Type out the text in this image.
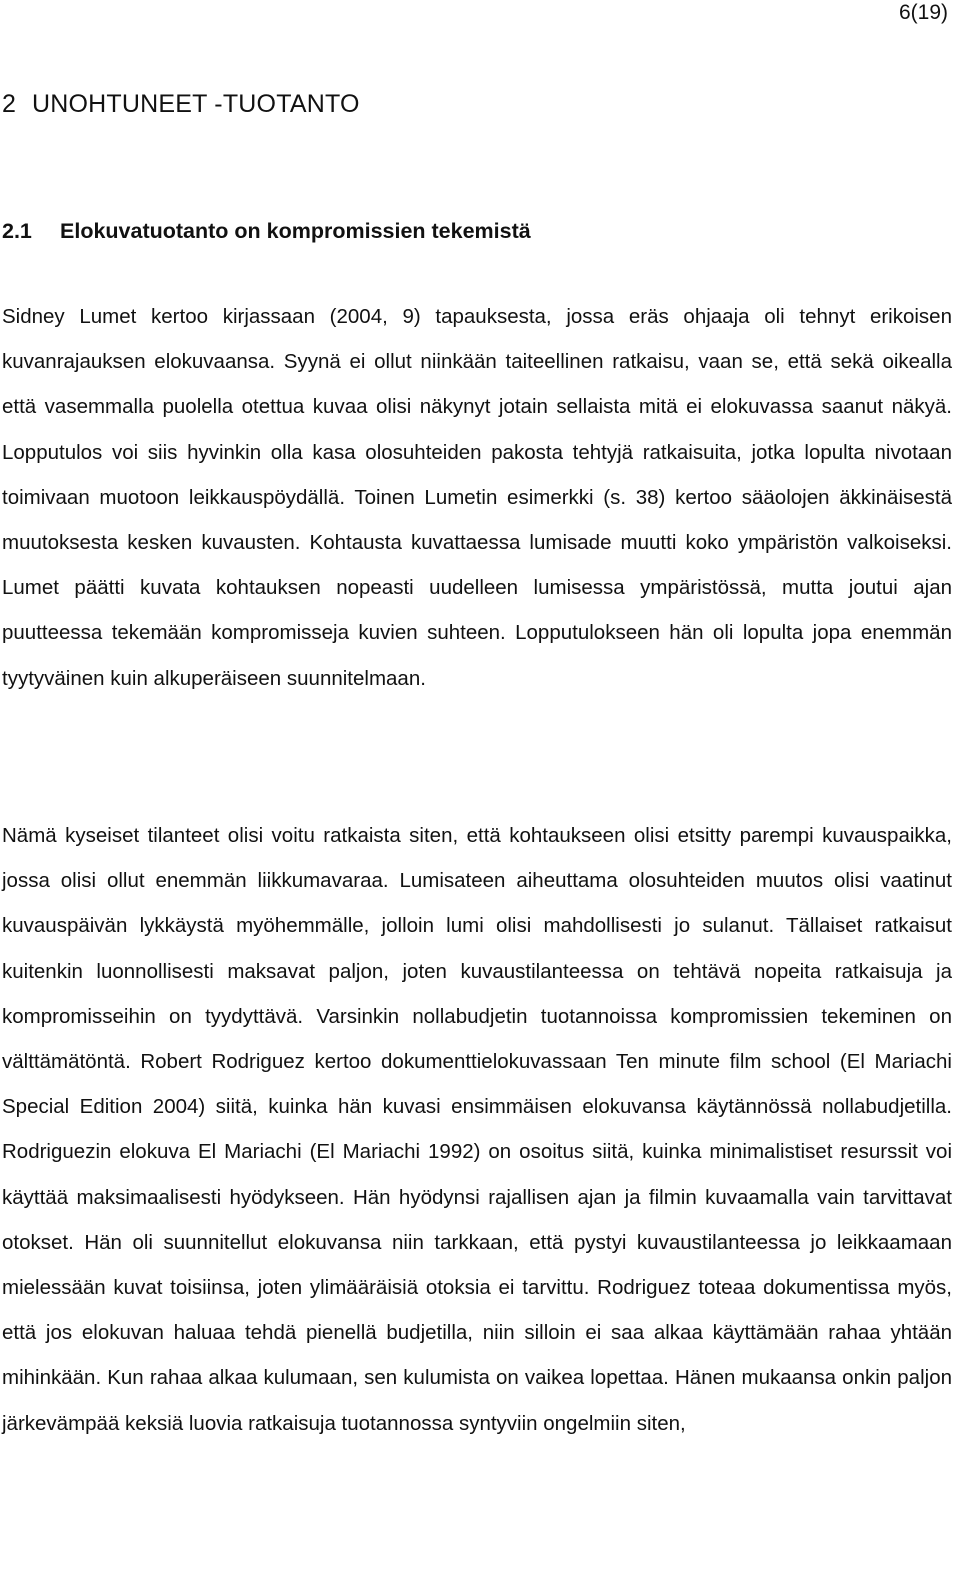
6(19)
2 UNOHTUNEET -TUOTANTO
2.1 Elokuvatuotanto on kompromissien tekemistä

Sidney Lumet kertoo kirjassaan (2004, 9) tapauksesta, jossa eräs ohjaaja oli tehnyt erikoisen kuvanrajauksen elokuvaansa. Syynä ei ollut niinkään taiteellinen ratkaisu, vaan se, että sekä oikealla että vasemmalla puolella otettua kuvaa olisi näkynyt jotain sellaista mitä ei elokuvassa saanut näkyä. Lopputulos voi siis hyvinkin olla kasa olosuhteiden pakosta tehtyjä ratkaisuita, jotka lopulta nivotaan toimivaan muotoon leikkauspöydällä. Toinen Lumetin esimerkki (s. 38) kertoo sääolojen äkkinäisestä muutoksesta kesken kuvausten. Kohtausta kuvattaessa lumisade muutti koko ympäristön valkoiseksi. Lumet päätti kuvata kohtauksen nopeasti uudelleen lumisessa ympäristössä, mutta joutui ajan puutteessa tekemään kompromisseja kuvien suhteen. Lopputulokseen hän oli lopulta jopa enemmän tyytyväinen kuin alkuperäiseen suunnitelmaan.

Nämä kyseiset tilanteet olisi voitu ratkaista siten, että kohtaukseen olisi etsitty parempi kuvauspaikka, jossa olisi ollut enemmän liikkumavaraa. Lumisateen aiheuttama olosuhteiden muutos olisi vaatinut kuvauspäivän lykkäystä myöhemmälle, jolloin lumi olisi mahdollisesti jo sulanut. Tällaiset ratkaisut kuitenkin luonnollisesti maksavat paljon, joten kuvaustilanteessa on tehtävä nopeita ratkaisuja ja kompromisseihin on tyydyttävä. Varsinkin nollabudjetin tuotannoissa kompromissien tekeminen on välttämätöntä. Robert Rodriguez kertoo dokumenttielokuvassaan Ten minute film school (El Mariachi Special Edition 2004) siitä, kuinka hän kuvasi ensimmäisen elokuvansa käytännössä nollabudjetilla. Rodriguezin elokuva El Mariachi (El Mariachi 1992) on osoitus siitä, kuinka minimalistiset resurssit voi käyttää maksimaalisesti hyödykseen. Hän hyödynsi rajallisen ajan ja filmin kuvaamalla vain tarvittavat otokset. Hän oli suunnitellut elokuvansa niin tarkkaan, että pystyi kuvaustilanteessa jo leikkaamaan mielessään kuvat toisiinsa, joten ylimääräisiä otoksia ei tarvittu. Rodriguez toteaa dokumentissa myös, että jos elokuvan haluaa tehdä pienellä budjetilla, niin silloin ei saa alkaa käyttämään rahaa yhtään mihinkään. Kun rahaa alkaa kulumaan, sen kulumista on vaikea lopettaa. Hänen mukaansa onkin paljon järkevämpää keksiä luovia ratkaisuja tuotannossa syntyviin ongelmiin siten,
